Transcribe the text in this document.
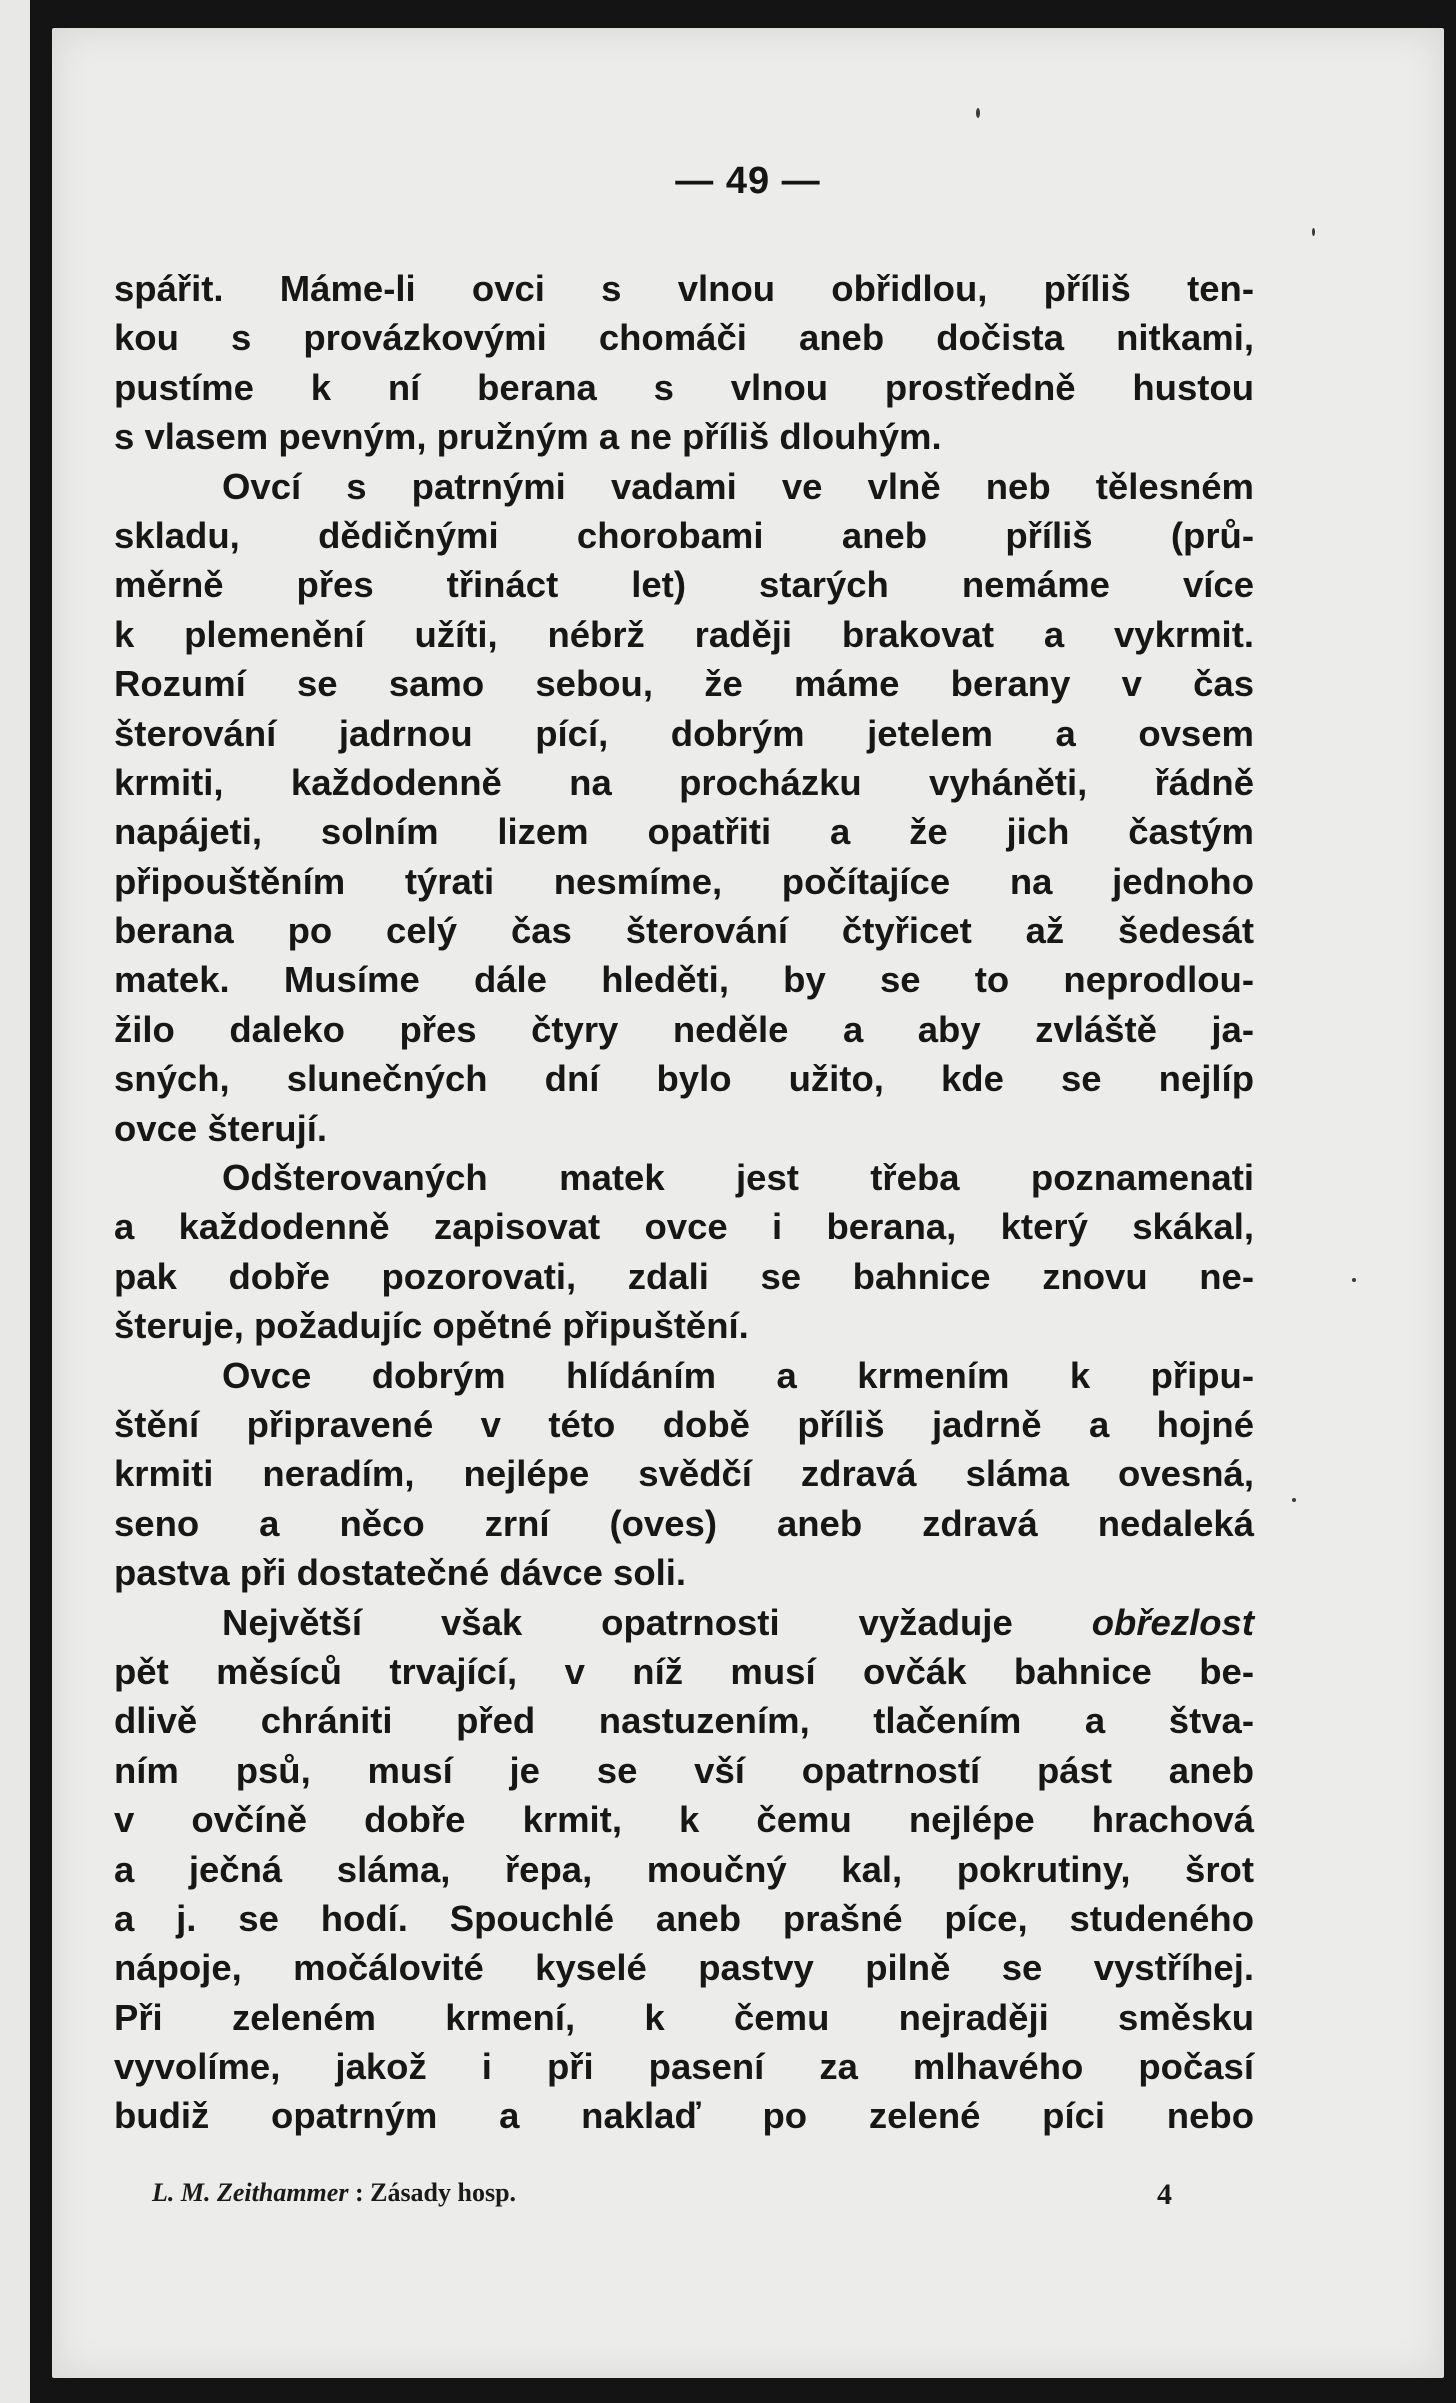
— 49 —
spářit. Máme-li ovci s vlnou obřidlou, příliš ten-
kou s provázkovými chomáči aneb dočista nitkami,
pustíme k ní berana s vlnou prostředně hustou
s vlasem pevným, pružným a ne příliš dlouhým.
Ovcí s patrnými vadami ve vlně neb tělesném
skladu, dědičnými chorobami aneb příliš (prů-
měrně přes třináct let) starých nemáme více
k plemenění užíti, nébrž raději brakovat a vykrmit.
Rozumí se samo sebou, že máme berany v čas
šterování jadrnou pící, dobrým jetelem a ovsem
krmiti, každodenně na procházku vyháněti, řádně
napájeti, solním lizem opatřiti a že jich častým
připouštěním týrati nesmíme, počítajíce na jednoho
berana po celý čas šterování čtyřicet až šedesát
matek. Musíme dále hleděti, by se to neprodlou-
žilo daleko přes čtyry neděle a aby zvláště ja-
sných, slunečných dní bylo užito, kde se nejlíp
ovce šterují.
Odšterovaných matek jest třeba poznamenati
a každodenně zapisovat ovce i berana, který skákal,
pak dobře pozorovati, zdali se bahnice znovu ne-
šteruje, požadujíc opětné připuštění.
Ovce dobrým hlídáním a krmením k připu-
štění připravené v této době příliš jadrně a hojné
krmiti neradím, nejlépe svědčí zdravá sláma ovesná,
seno a něco zrní (oves) aneb zdravá nedaleká
pastva při dostatečné dávce soli.
Největší však opatrnosti vyžaduje obřezlost
pět měsíců trvající, v níž musí ovčák bahnice be-
dlivě chrániti před nastuzením, tlačením a štva-
ním psů, musí je se vší opatrností pást aneb
v ovčíně dobře krmit, k čemu nejlépe hrachová
a ječná sláma, řepa, moučný kal, pokrutiny, šrot
a j. se hodí. Spouchlé aneb prašné píce, studeného
nápoje, močálovité kyselé pastvy pilně se vystříhej.
Při zeleném krmení, k čemu nejraději směsku
vyvolíme, jakož i při pasení za mlhavého počasí
budiž opatrným a naklaď po zelené píci nebo
L. M. Zeithammer : Zásady hosp.	4
